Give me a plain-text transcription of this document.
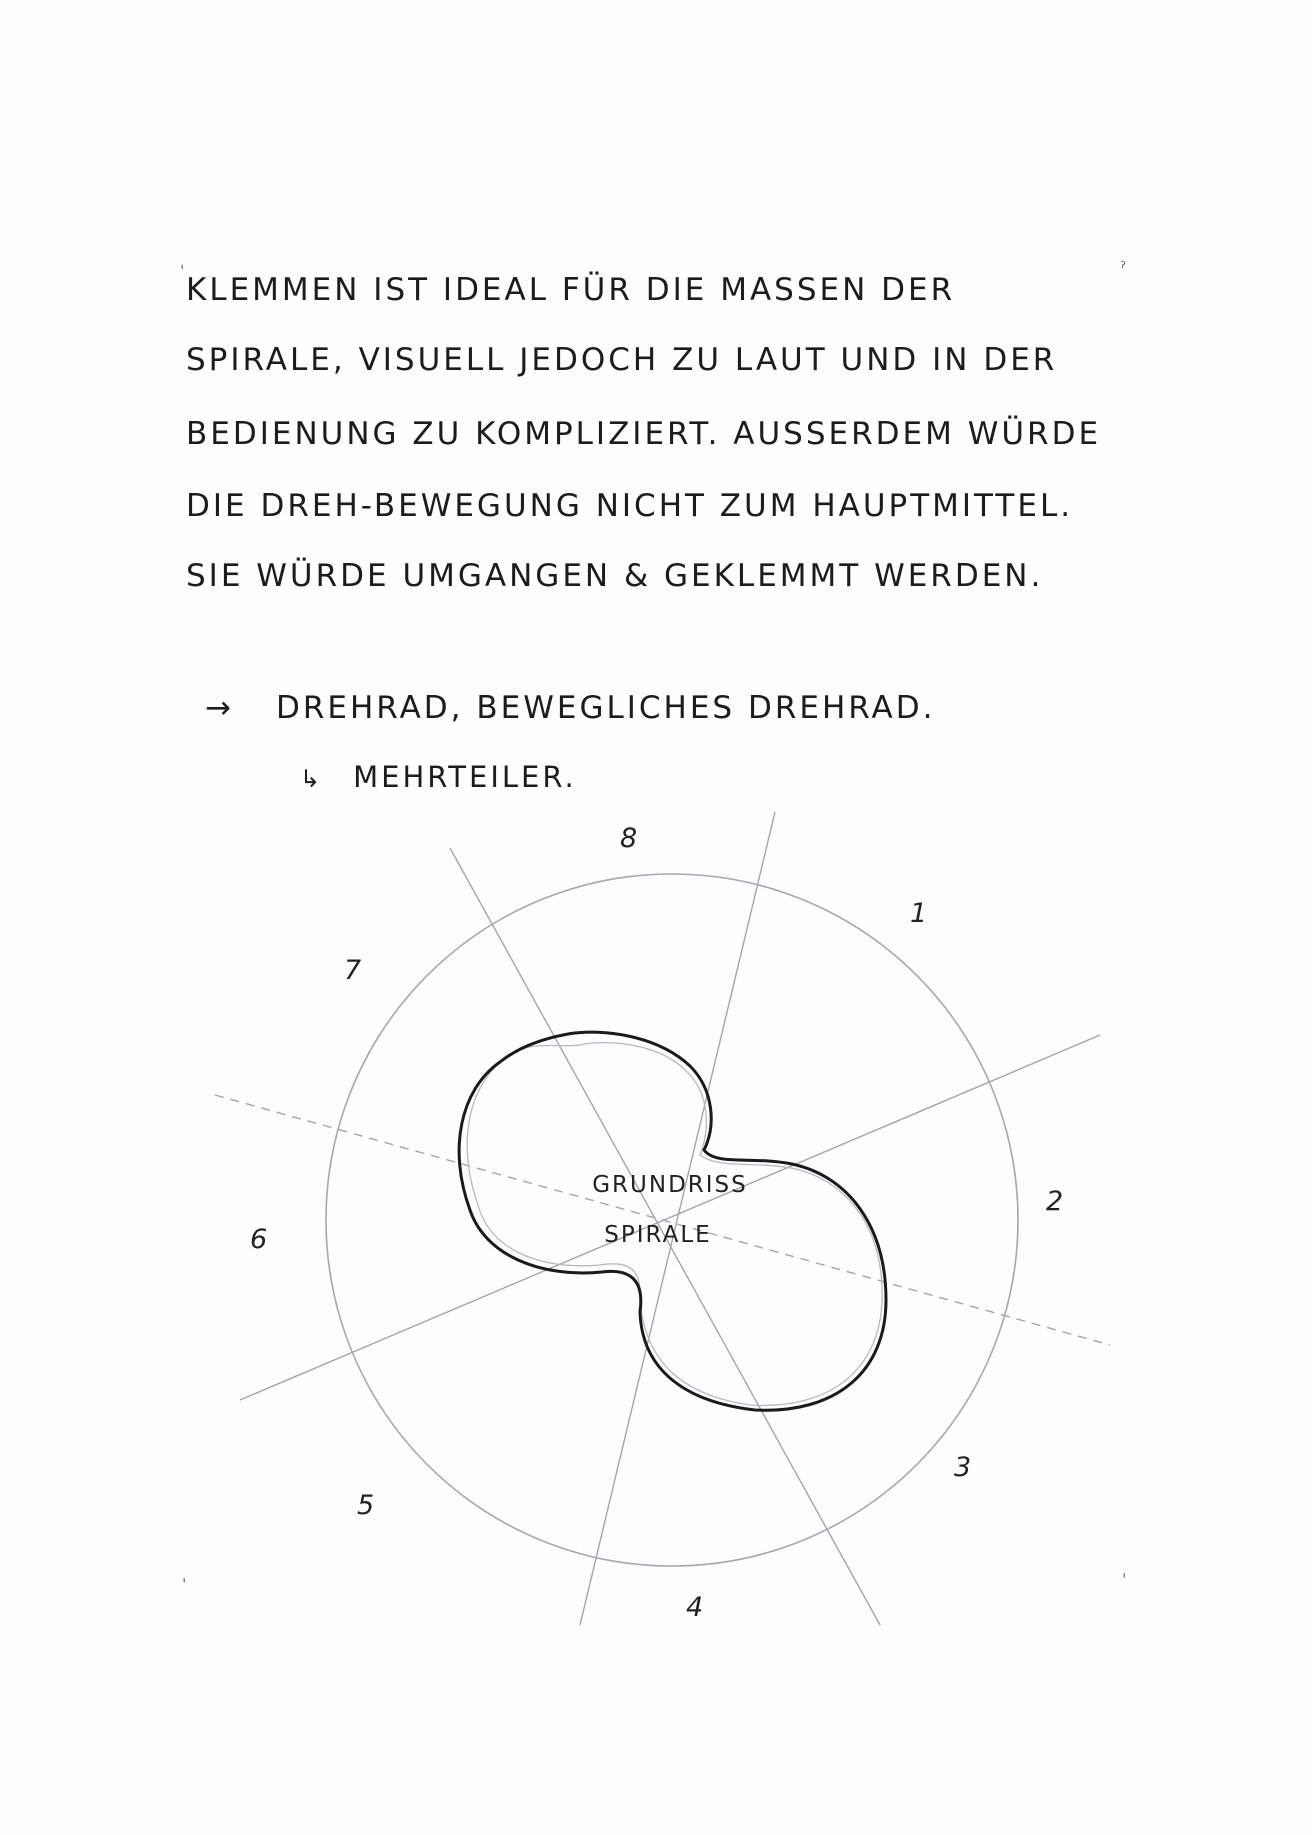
ˈ	ˀ
ˌ	ˌ
KLEMMEN IST IDEAL FÜR DIE MASSEN DER
SPIRALE, VISUELL JEDOCH ZU LAUT UND IN DER
BEDIENUNG ZU KOMPLIZIERT. AUSSERDEM WÜRDE
DIE DREH-BEWEGUNG NICHT ZUM HAUPTMITTEL.
SIE WÜRDE UMGANGEN & GEKLEMMT WERDEN.
→ DREHRAD, BEWEGLICHES DREHRAD.
↳ MEHRTEILER.
GRUNDRISS
SPIRALE
1
2
3
4
5
6
7
8
